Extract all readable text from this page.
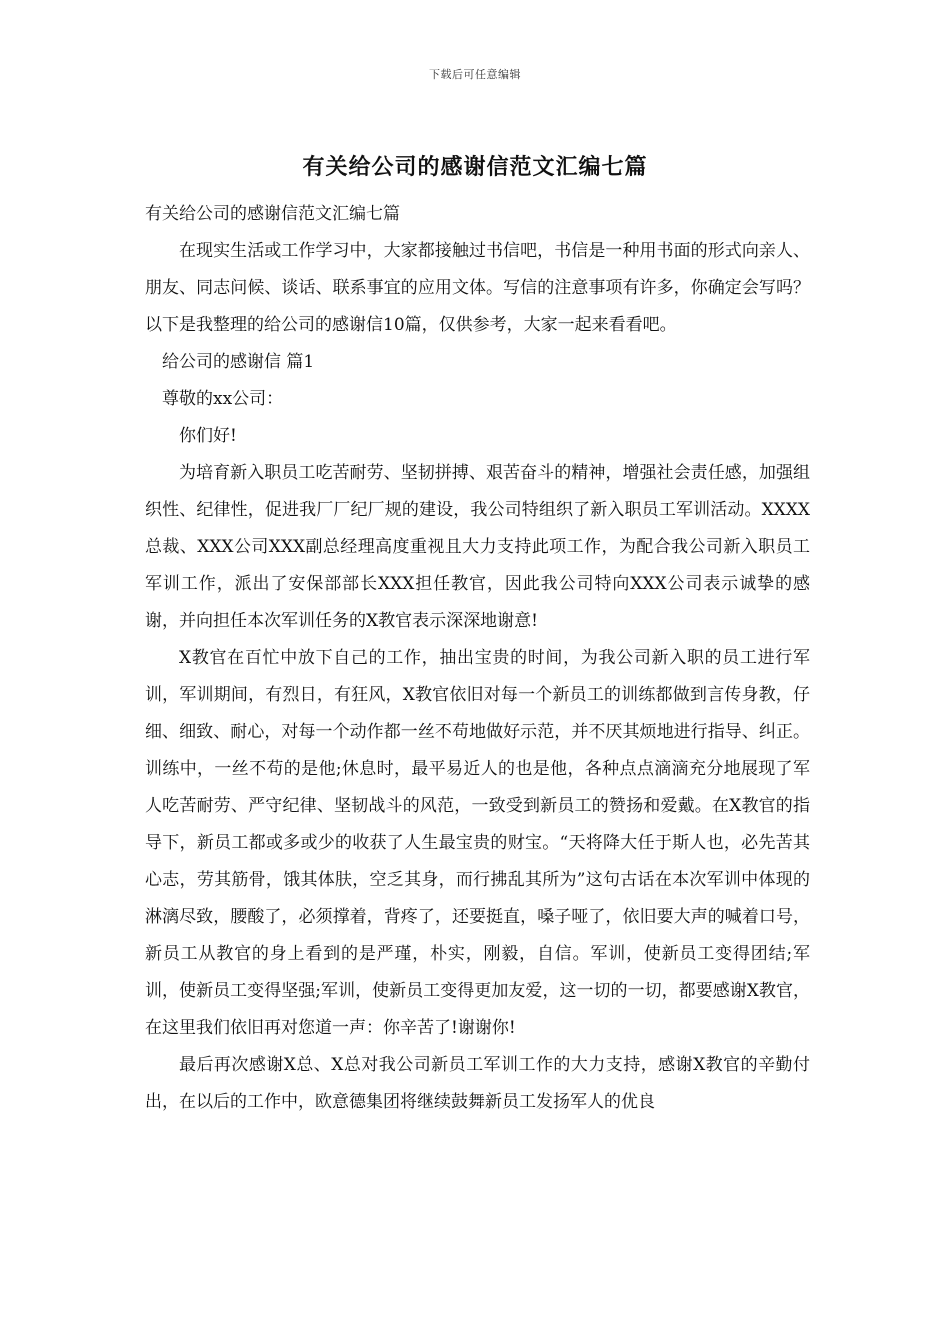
下载后可任意编辑
有关给公司的感谢信范文汇编七篇

有关给公司的感谢信范文汇编七篇

在现实生活或工作学习中，大家都接触过书信吧，书信是一种用书面的形式向亲人、朋友、同志问候、谈话、联系事宜的应用文体。写信的注意事项有许多，你确定会写吗？以下是我整理的给公司的感谢信10篇，仅供参考，大家一起来看看吧。

给公司的感谢信 篇1

尊敬的xx公司：

你们好!

为培育新入职员工吃苦耐劳、坚韧拼搏、艰苦奋斗的精神，增强社会责任感，加强组织性、纪律性，促进我厂厂纪厂规的建设，我公司特组织了新入职员工军训活动。XXXX总裁、XXX公司XXX副总经理高度重视且大力支持此项工作，为配合我公司新入职员工军训工作，派出了安保部部长XXX担任教官，因此我公司特向XXX公司表示诚挚的感谢，并向担任本次军训任务的X教官表示深深地谢意!

X教官在百忙中放下自己的工作，抽出宝贵的时间，为我公司新入职的员工进行军训，军训期间，有烈日，有狂风，X教官依旧对每一个新员工的训练都做到言传身教，仔细、细致、耐心，对每一个动作都一丝不苟地做好示范，并不厌其烦地进行指导、纠正。训练中，一丝不苟的是他;休息时，最平易近人的也是他，各种点点滴滴充分地展现了军人吃苦耐劳、严守纪律、坚韧战斗的风范，一致受到新员工的赞扬和爱戴。在X教官的指导下，新员工都或多或少的收获了人生最宝贵的财宝。“天将降大任于斯人也，必先苦其心志，劳其筋骨，饿其体肤，空乏其身，而行拂乱其所为”这句古话在本次军训中体现的淋漓尽致，腰酸了，必须撑着，背疼了，还要挺直，嗓子哑了，依旧要大声的喊着口号，新员工从教官的身上看到的是严瑾，朴实，刚毅，自信。军训，使新员工变得团结;军训，使新员工变得坚强;军训，使新员工变得更加友爱，这一切的一切，都要感谢X教官，在这里我们依旧再对您道一声：你辛苦了!谢谢你!

最后再次感谢X总、X总对我公司新员工军训工作的大力支持，感谢X教官的辛勤付出，在以后的工作中，欧意德集团将继续鼓舞新员工发扬军人的优良
